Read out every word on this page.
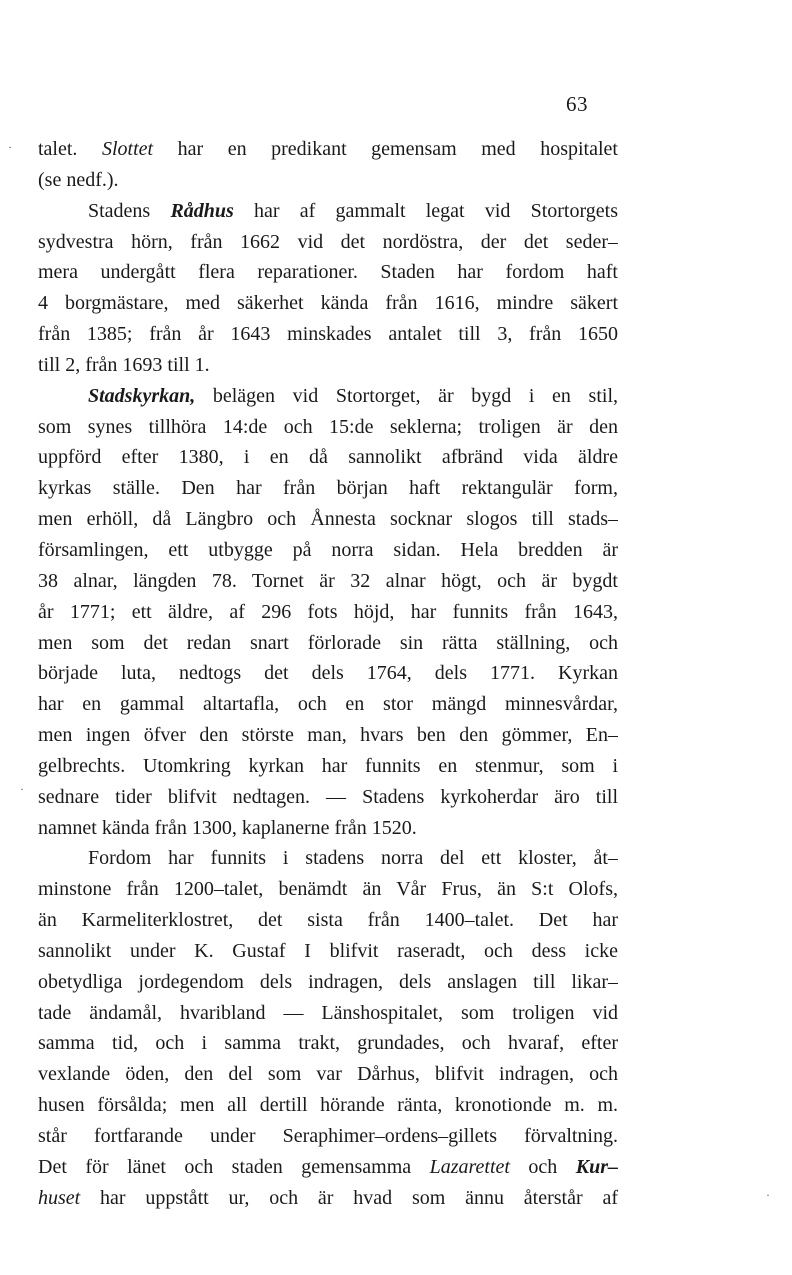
63
talet. Slottet har en predikant gemensam med hospitalet
(se nedf.).
Stadens Rådhus har af gammalt legat vid Stortorgets
sydvestra hörn, från 1662 vid det nordöstra, der det seder–
mera undergått flera reparationer. Staden har fordom haft
4 borgmästare, med säkerhet kända från 1616, mindre säkert
från 1385; från år 1643 minskades antalet till 3, från 1650
till 2, från 1693 till 1.
Stadskyrkan, belägen vid Stortorget, är bygd i en stil,
som synes tillhöra 14:de och 15:de seklerna; troligen är den
uppförd efter 1380, i en då sannolikt afbränd vida äldre
kyrkas ställe. Den har från början haft rektangulär form,
men erhöll, då Längbro och Ånnesta socknar slogos till stads–
församlingen, ett utbygge på norra sidan. Hela bredden är
38 alnar, längden 78. Tornet är 32 alnar högt, och är bygdt
år 1771; ett äldre, af 296 fots höjd, har funnits från 1643,
men som det redan snart förlorade sin rätta ställning, och
började luta, nedtogs det dels 1764, dels 1771. Kyrkan
har en gammal altartafla, och en stor mängd minnesvårdar,
men ingen öfver den störste man, hvars ben den gömmer, En–
gelbrechts. Utomkring kyrkan har funnits en stenmur, som i
sednare tider blifvit nedtagen. — Stadens kyrkoherdar äro till
namnet kända från 1300, kaplanerne från 1520.
Fordom har funnits i stadens norra del ett kloster, åt–
minstone från 1200–talet, benämdt än Vår Frus, än S:t Olofs,
än Karmeliterklostret, det sista från 1400–talet. Det har
sannolikt under K. Gustaf I blifvit raseradt, och dess icke
obetydliga jordegendom dels indragen, dels anslagen till likar–
tade ändamål, hvaribland — Länshospitalet, som troligen vid
samma tid, och i samma trakt, grundades, och hvaraf, efter
vexlande öden, den del som var Dårhus, blifvit indragen, och
husen försålda; men all dertill hörande ränta, kronotionde m. m.
står fortfarande under Seraphimer–ordens–gillets förvaltning.
Det för länet och staden gemensamma Lazarettet och Kur–
huset har uppstått ur, och är hvad som ännu återstår af
·
·
·
